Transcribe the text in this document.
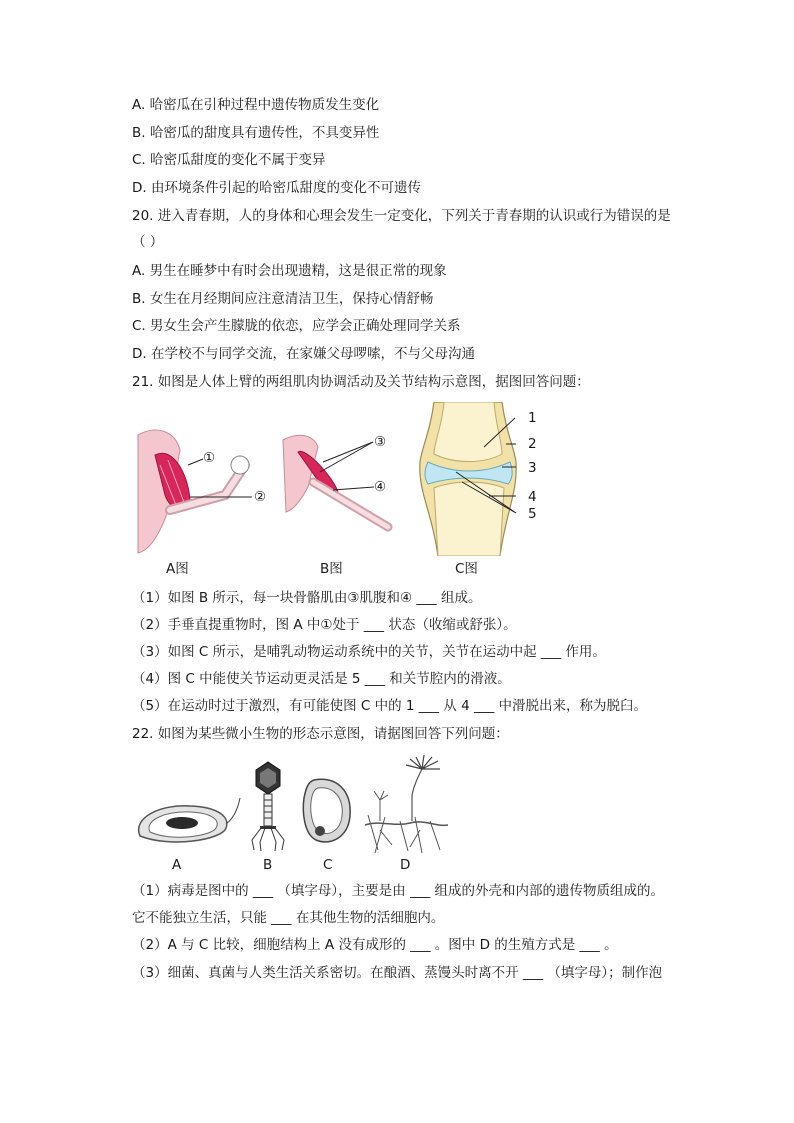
A. 哈密瓜在引种过程中遗传物质发生变化
B. 哈密瓜的甜度具有遗传性，不具变异性
C. 哈密瓜甜度的变化不属于变异
D. 由环境条件引起的哈密瓜甜度的变化不可遗传
20. 进入青春期，人的身体和心理会发生一定变化，下列关于青春期的认识或行为错误的是
（ ）
A. 男生在睡梦中有时会出现遗精，这是很正常的现象
B. 女生在月经期间应注意清洁卫生，保持心情舒畅
C. 男女生会产生朦胧的依恋，应学会正确处理同学关系
D. 在学校不与同学交流，在家嫌父母啰嗦，不与父母沟通
21. 如图是人体上臂的两组肌肉协调活动及关节结构示意图，据图回答问题：
①
②
③
④
1
2
3
4
5
A图	B图	C图
（1）如图 B 所示，每一块骨骼肌由③肌腹和④ ___ 组成。
（2）手垂直提重物时，图 A 中①处于 ___ 状态（收缩或舒张）。
（3）如图 C 所示，是哺乳动物运动系统中的关节，关节在运动中起 ___ 作用。
（4）图 C 中能使关节运动更灵活是 5 ___ 和关节腔内的滑液。
（5）在运动时过于激烈，有可能使图 C 中的 1 ___ 从 4 ___ 中滑脱出来，称为脱臼。
22. 如图为某些微小生物的形态示意图，请据图回答下列问题：
A	B	C	D
（1）病毒是图中的 ___ （填字母），主要是由 ___ 组成的外壳和内部的遗传物质组成的。
它不能独立生活，只能 ___ 在其他生物的活细胞内。
（2）A 与 C 比较，细胞结构上 A 没有成形的 ___ 。图中 D 的生殖方式是 ___ 。
（3）细菌、真菌与人类生活关系密切。在酿酒、蒸馒头时离不开 ___ （填字母）；制作泡
